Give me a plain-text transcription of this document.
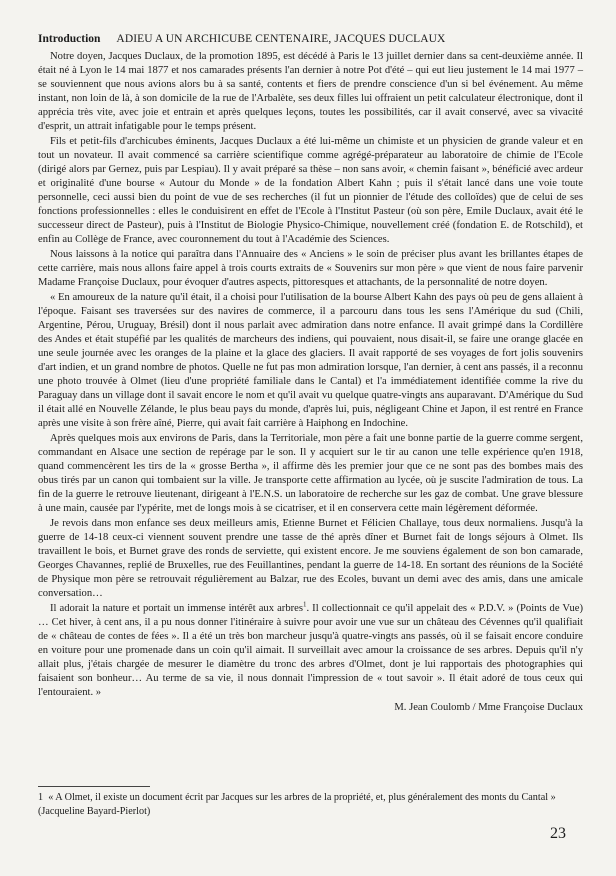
Introduction ADIEU A UN ARCHICUBE CENTENAIRE, JACQUES DUCLAUX

Notre doyen, Jacques Duclaux, de la promotion 1895, est décédé à Paris le 13 juillet dernier dans sa cent-deuxième année. Il était né à Lyon le 14 mai 1877 et nos camarades présents l'an dernier à notre Pot d'été – qui eut lieu justement le 14 mai 1977 – se souviennent que nous avions alors bu à sa santé, contents et fiers de prendre conscience d'un si bel événement. Au même instant, non loin de là, à son domicile de la rue de l'Arbalète, ses deux filles lui offraient un petit calculateur électronique, dont il apprécia très vite, avec joie et entrain et après quelques leçons, toutes les possibilités, car il avait conservé, avec sa vivacité d'esprit, un attrait infatigable pour le temps présent.

Fils et petit-fils d'archicubes éminents, Jacques Duclaux a été lui-même un chimiste et un physicien de grande valeur et en tout un novateur. Il avait commencé sa carrière scientifique comme agrégé-préparateur au laboratoire de chimie de l'Ecole (dirigé alors par Gernez, puis par Lespiau). Il y avait préparé sa thèse – non sans avoir, « chemin faisant », bénéficié avec ardeur et originalité d'une bourse « Autour du Monde » de la fondation Albert Kahn ; puis il s'était lancé dans une voie toute personnelle, ceci aussi bien du point de vue de ses recherches (il fut un pionnier de l'étude des colloïdes) que de celui de ses fonctions professionnelles : elles le conduisirent en effet de l'Ecole à l'Institut Pasteur (où son père, Emile Duclaux, avait été le successeur direct de Pasteur), puis à l'Institut de Biologie Physico-Chimique, nouvellement créé (fondation E. de Rotschild), et enfin au Collège de France, avec couronnement du tout à l'Académie des Sciences.

Nous laissons à la notice qui paraîtra dans l'Annuaire des « Anciens » le soin de préciser plus avant les brillantes étapes de cette carrière, mais nous allons faire appel à trois courts extraits de « Souvenirs sur mon père » que vient de nous faire parvenir Madame Françoise Duclaux, pour évoquer d'autres aspects, pittoresques et attachants, de la personnalité de notre doyen.

« En amoureux de la nature qu'il était, il a choisi pour l'utilisation de la bourse Albert Kahn des pays où peu de gens allaient à l'époque. Faisant ses traversées sur des navires de commerce, il a parcouru dans tous les sens l'Amérique du sud (Chili, Argentine, Pérou, Uruguay, Brésil) dont il nous parlait avec admiration dans notre enfance. Il avait grimpé dans la Cordillère des Andes et était stupéfié par les qualités de marcheurs des indiens, qui pouvaient, nous disait-il, se faire une orange glacée en une seule journée avec les oranges de la plaine et la glace des glaciers. Il avait rapporté de ses voyages de fort jolis souvenirs d'art indien, et un grand nombre de photos. Quelle ne fut pas mon admiration lorsque, l'an dernier, à cent ans passés, il a reconnu une photo trouvée à Olmet (lieu d'une propriété familiale dans le Cantal) et l'a immédiatement identifiée comme la rive du Paraguay dans un village dont il savait encore le nom et qu'il avait vu quelque quatre-vingts ans auparavant. D'Amérique du Sud il était allé en Nouvelle Zélande, le plus beau pays du monde, d'après lui, puis, négligeant Chine et Japon, il est rentré en France après une visite à son frère aîné, Pierre, qui avait fait carrière à Haiphong en Indochine.

Après quelques mois aux environs de Paris, dans la Territoriale, mon père a fait une bonne partie de la guerre comme sergent, commandant en Alsace une section de repérage par le son. Il y acquiert sur le tir au canon une telle expérience qu'en 1918, quand commencèrent les tirs de la « grosse Bertha », il affirme dès les premier jour que ce ne sont pas des bombes mais des obus tirés par un canon qui tombaient sur la ville. Je transporte cette affirmation au lycée, où je suscite l'admiration de tous. La fin de la guerre le retrouve lieutenant, dirigeant à l'E.N.S. un laboratoire de recherche sur les gaz de combat. Une grave blessure à une main, causée par l'ypérite, met de longs mois à se cicatriser, et il en conservera cette main légèrement déformée.

Je revois dans mon enfance ses deux meilleurs amis, Etienne Burnet et Félicien Challaye, tous deux normaliens. Jusqu'à la guerre de 14-18 ceux-ci viennent souvent prendre une tasse de thé après dîner et Burnet fait de longs séjours à Olmet. Ils travaillent le bois, et Burnet grave des ronds de serviette, qui existent encore. Je me souviens également de son bon camarade, Georges Chavannes, replié de Bruxelles, rue des Feuillantines, pendant la guerre de 14-18. En sortant des réunions de la Société de Physique mon père se retrouvait régulièrement au Balzar, rue des Ecoles, buvant un demi avec des amis, dans une amicale conversation…

Il adorait la nature et portait un immense intérêt aux arbres$^1$. Il collectionnait ce qu'il appelait des « P.D.V. » (Points de Vue) … Cet hiver, à cent ans, il a pu nous donner l'itinéraire à suivre pour avoir une vue sur un château des Cévennes qu'il qualifiait de « château de contes de fées ». Il a été un très bon marcheur jusqu'à quatre-vingts ans passés, où il se faisait encore conduire en voiture pour une promenade dans un coin qu'il aimait. Il surveillait avec amour la croissance de ses arbres. Depuis qu'il n'y allait plus, j'étais chargée de mesurer le diamètre du tronc des arbres d'Olmet, dont je lui rapportais des photographies qui faisaient son bonheur… Au terme de sa vie, il nous donnait l'impression de « tout savoir ». Il était adoré de tous ceux qui l'entouraient. »

M. Jean Coulomb / Mme Françoise Duclaux

1 « A Olmet, il existe un document écrit par Jacques sur les arbres de la propriété, et, plus généralement des monts du Cantal » (Jacqueline Bayard-Pierlot)
23
